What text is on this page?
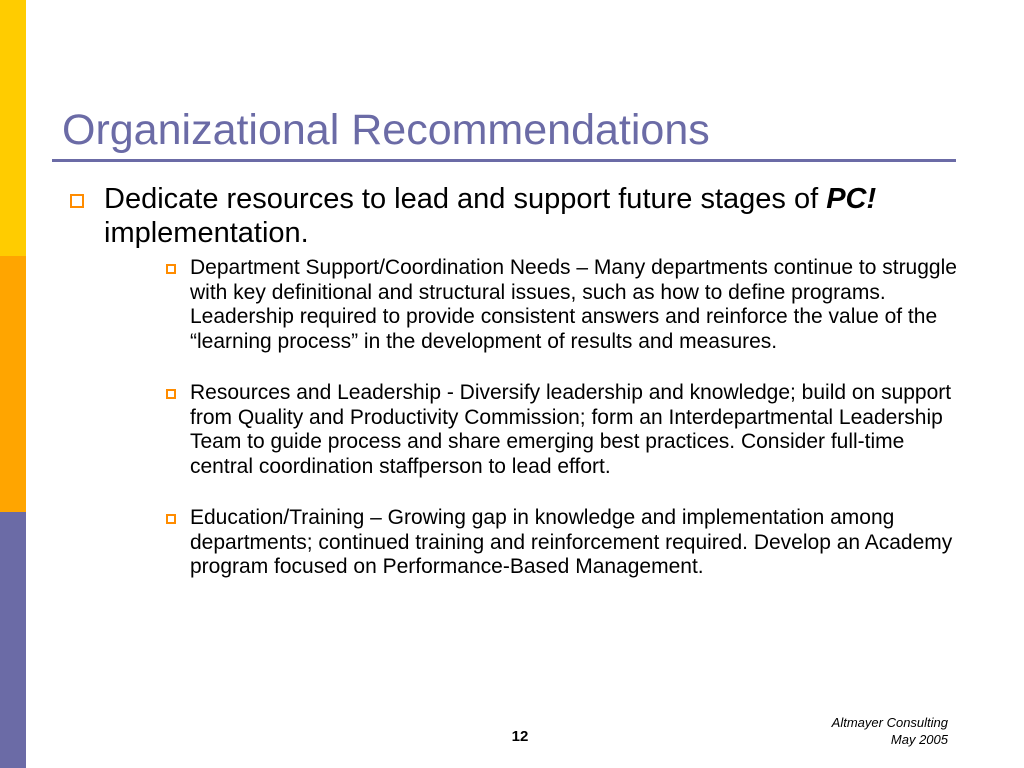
Organizational Recommendations
Dedicate resources to lead and support future stages of PC! implementation.
Department Support/Coordination Needs – Many departments continue to struggle with key definitional and structural issues, such as how to define programs. Leadership required to provide consistent answers and reinforce the value of the “learning process” in the development of results and measures.
Resources and Leadership - Diversify leadership and knowledge; build on support from Quality and Productivity Commission; form an Interdepartmental Leadership Team to guide process and share emerging best practices. Consider full-time central coordination staffperson to lead effort.
Education/Training – Growing gap in knowledge and implementation among departments; continued training and reinforcement required. Develop an Academy program focused on Performance-Based Management.
12
Altmayer Consulting
May 2005
